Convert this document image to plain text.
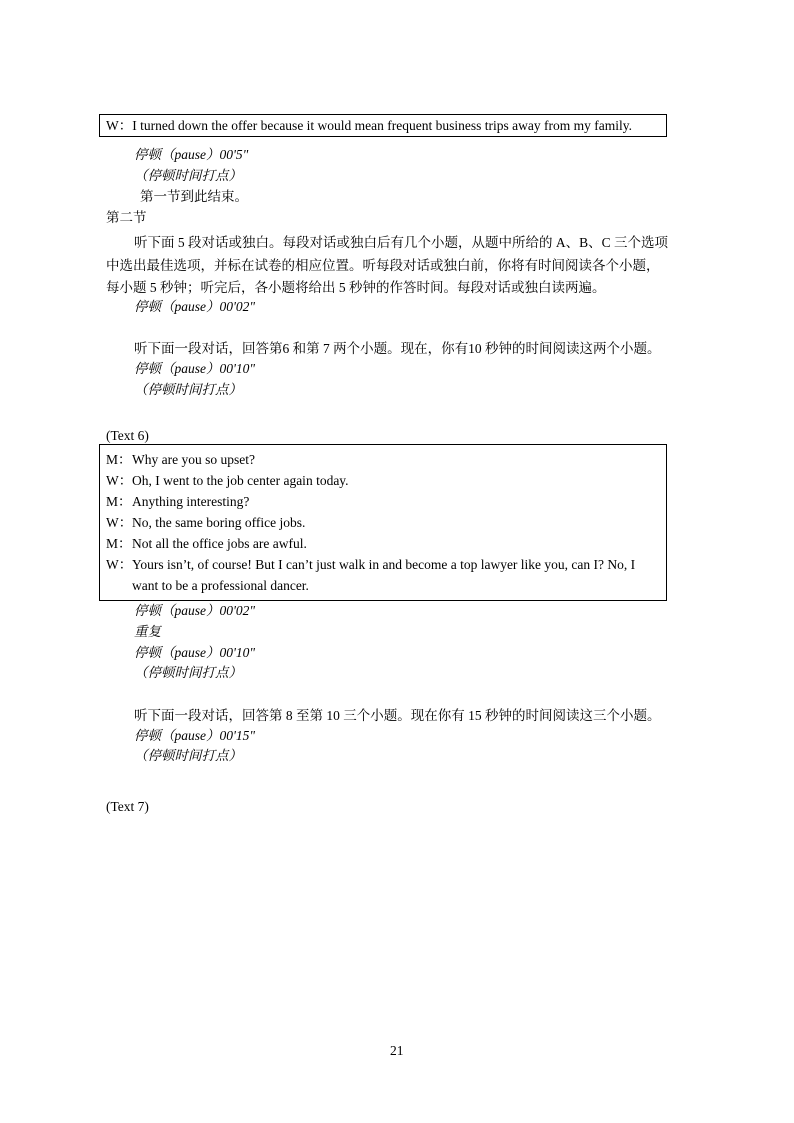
W：I turned down the offer because it would mean frequent business trips away from my family.
停顿（pause）00'5"
（停顿时间打点）
第一节到此结束。
第二节
听下面 5 段对话或独白。每段对话或独白后有几个小题，从题中所给的 A、B、C 三个选项
中选出最佳选项，并标在试卷的相应位置。听每段对话或独白前，你将有时间阅读各个小题，
每小题 5 秒钟；听完后，各小题将给出 5 秒钟的作答时间。每段对话或独白读两遍。
停顿（pause）00'02"
听下面一段对话，回答第6 和第 7 两个小题。现在，你有10 秒钟的时间阅读这两个小题。
停顿（pause）00'10"
（停顿时间打点）
(Text 6)
M：Why are you so upset?
W：Oh, I went to the job center again today.
M：Anything interesting?
W：No, the same boring office jobs.
M：Not all the office jobs are awful.
W：Yours isn’t, of course! But I can’t just walk in and become a top lawyer like you, can I? No, I
want to be a professional dancer.
停顿（pause）00'02"
重复
停顿（pause）00'10"
（停顿时间打点）
听下面一段对话，回答第 8 至第 10 三个小题。现在你有 15 秒钟的时间阅读这三个小题。
停顿（pause）00'15"
（停顿时间打点）
(Text 7)
21
